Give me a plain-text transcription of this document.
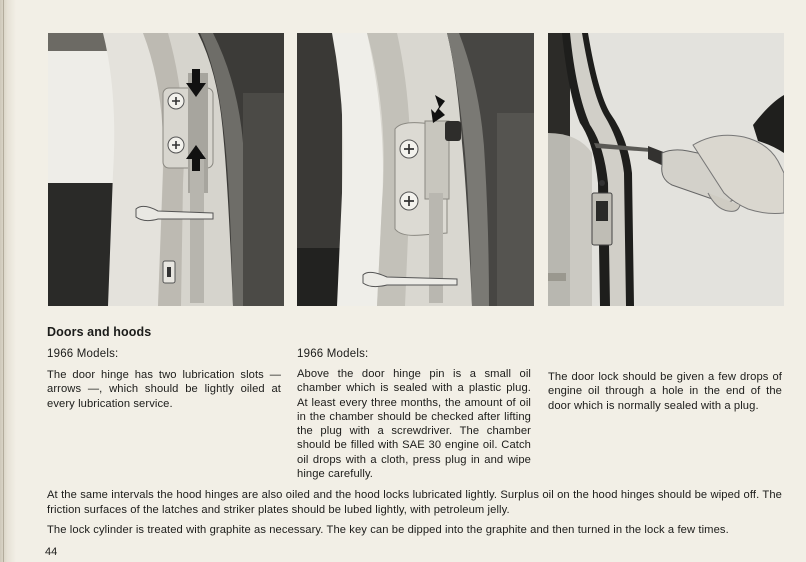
Doors and hoods
1966 Models:	1966 Models:

The door hinge has two lubrication slots — arrows —, which should be lightly oiled at every lubrication service.

Above the door hinge pin is a small oil chamber which is sealed with a plastic plug. At least every three months, the amount of oil in the chamber should be checked after lifting the plug with a screwdriver. The chamber should be filled with SAE 30 engine oil. Catch oil drops with a cloth, press plug in and wipe hinge carefully.

The door lock should be given a few drops of engine oil through a hole in the end of the door which is normally sealed with a plug.

At the same intervals the hood hinges are also oiled and the hood locks lubricated lightly. Surplus oil on the hood hinges should be wiped off. The friction surfaces of the latches and striker plates should be lubed lightly, with petroleum jelly.

The lock cylinder is treated with graphite as necessary. The key can be dipped into the graphite and then turned in the lock a few times.

44
